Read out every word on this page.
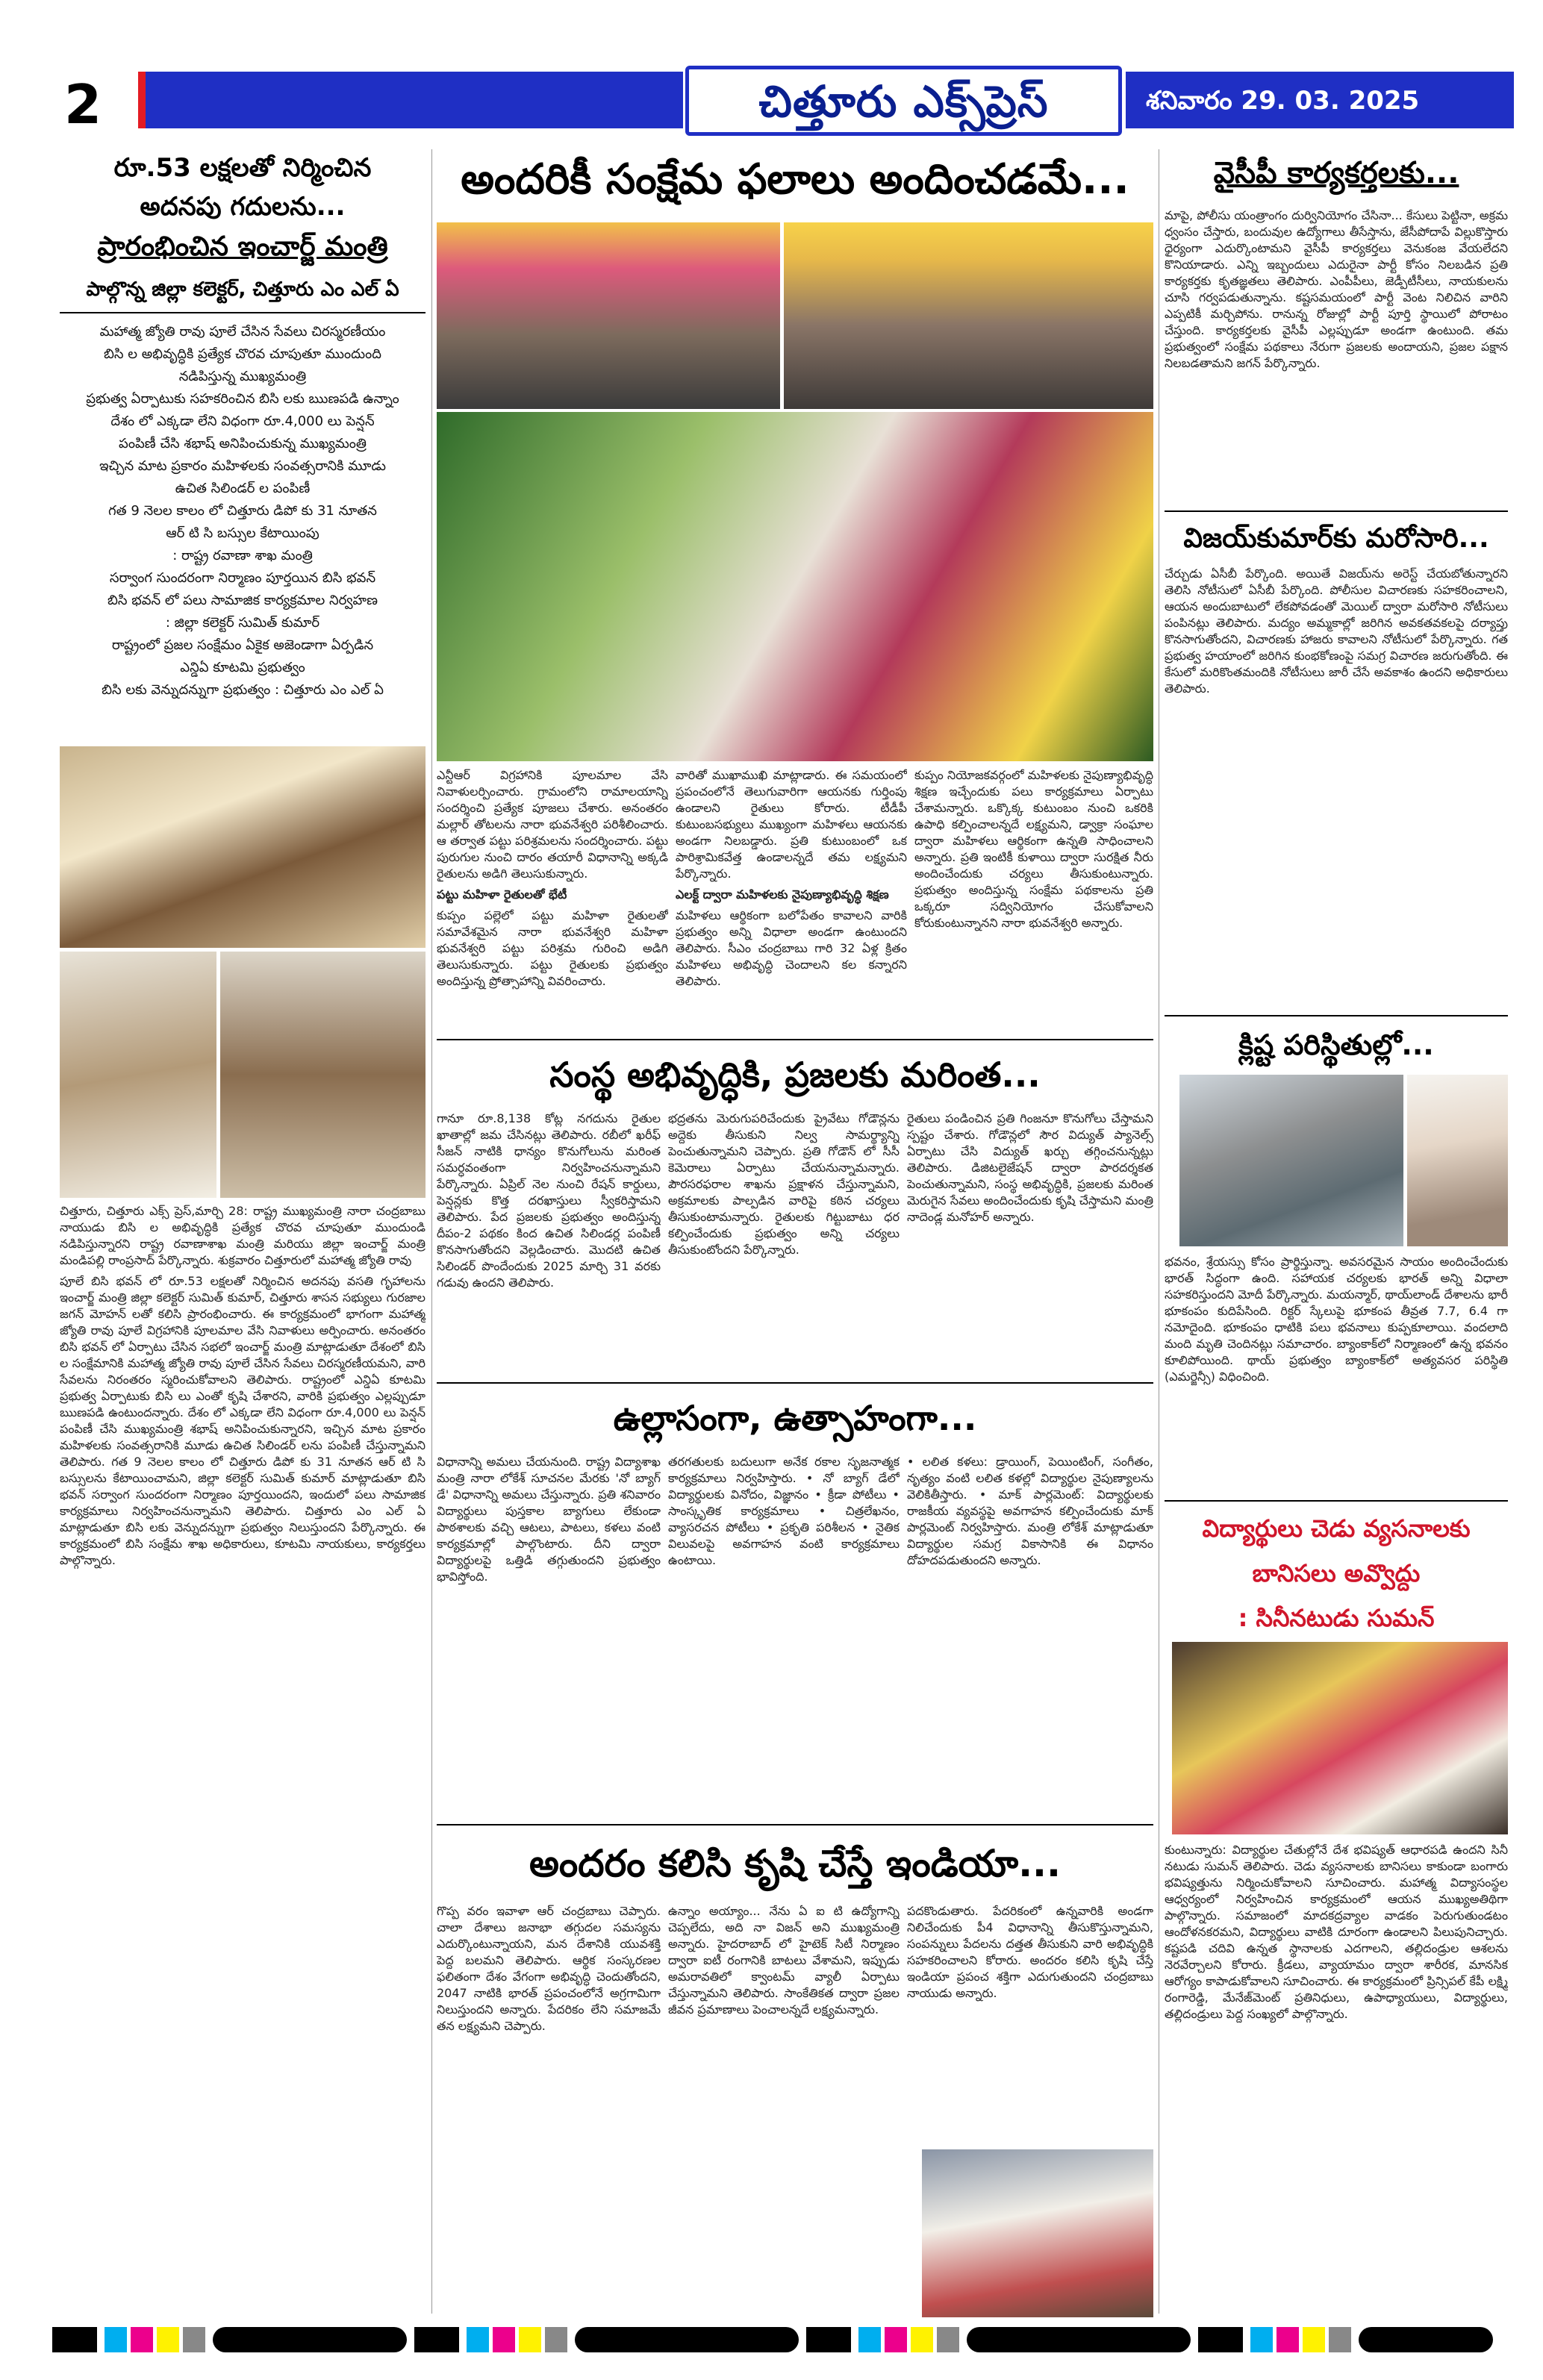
2	చిత్తూరు ఎక్స్‌ప్రెస్	శనివారం 29. 03. 2025
రూ.53 లక్షలతో నిర్మించిన
అదనపు గదులను...
ప్రారంభించిన ఇంచార్జ్ మంత్రి
పాల్గొన్న జిల్లా కలెక్టర్, చిత్తూరు ఎం ఎల్ ఏ
మహాత్మ జ్యోతి రావు పూలే చేసిన సేవలు చిరస్మరణీయం
బిసి ల అభివృద్ధికి ప్రత్యేక చొరవ చూపుతూ ముందుంది
నడిపిస్తున్న ముఖ్యమంత్రి
ప్రభుత్వ ఏర్పాటుకు సహకరించిన బిసి లకు ఋణపడి ఉన్నాం
దేశం లో ఎక్కడా లేని విధంగా రూ.4,000 లు పెన్షన్
పంపిణీ చేసి శభాష్ అనిపించుకున్న ముఖ్యమంత్రి
ఇచ్చిన మాట ప్రకారం మహిళలకు సంవత్సరానికి మూడు
ఉచిత సిలిండర్ ల పంపిణీ
గత 9 నెలల కాలం లో చిత్తూరు డిపో కు 31 నూతన
ఆర్ టి సి బస్సుల కేటాయింపు
: రాష్ట్ర రవాణా శాఖ మంత్రి
సర్వాంగ సుందరంగా నిర్మాణం పూర్తయిన బిసి భవన్
బిసి భవన్ లో పలు సామాజిక కార్యక్రమాల నిర్వహణ
: జిల్లా కలెక్టర్ సుమిత్ కుమార్
రాష్ట్రంలో ప్రజల సంక్షేమం ఏకైక అజెండాగా ఏర్పడిన
ఎన్డిఏ కూటమి ప్రభుత్వం
బిసి లకు వెన్నుదన్నుగా ప్రభుత్వం : చిత్తూరు ఎం ఎల్ ఏ

చిత్తూరు, చిత్తూరు ఎక్స్ ప్రెస్,మార్చి 28: రాష్ట్ర ముఖ్యమంత్రి నారా చంద్రబాబు నాయుడు బిసి ల అభివృద్ధికి ప్రత్యేక చొరవ చూపుతూ ముందుండి నడిపిస్తున్నారని రాష్ట్ర రవాణాశాఖ మంత్రి మరియు జిల్లా ఇంచార్జ్ మంత్రి మండిపల్లి రాంప్రసాద్ పేర్కొన్నారు. శుక్రవారం చిత్తూరులో మహాత్మ జ్యోతి రావు

పూలే బిసి భవన్ లో రూ.53 లక్షలతో నిర్మించిన అదనపు వసతి గృహాలను ఇంచార్జ్ మంత్రి జిల్లా కలెక్టర్ సుమిత్ కుమార్, చిత్తూరు శాసన సభ్యులు గురజాల జగన్ మోహన్ లతో కలిసి ప్రారంభించారు. ఈ కార్యక్రమంలో భాగంగా మహాత్మ జ్యోతి రావు పూలే విగ్రహానికి పూలమాల వేసి నివాళులు అర్పించారు. అనంతరం బిసి భవన్ లో ఏర్పాటు చేసిన సభలో ఇంచార్జ్ మంత్రి మాట్లాడుతూ దేశంలో బిసి ల సంక్షేమానికి మహాత్మ జ్యోతి రావు పూలే చేసిన సేవలు చిరస్మరణీయమని, వారి సేవలను నిరంతరం స్మరించుకోవాలని తెలిపారు. రాష్ట్రంలో ఎన్డిఏ కూటమి ప్రభుత్వ ఏర్పాటుకు బిసి లు ఎంతో కృషి చేశారని, వారికి ప్రభుత్వం ఎల్లప్పుడూ ఋణపడి ఉంటుందన్నారు. దేశం లో ఎక్కడా లేని విధంగా రూ.4,000 లు పెన్షన్ పంపిణీ చేసి ముఖ్యమంత్రి శభాష్ అనిపించుకున్నారని, ఇచ్చిన మాట ప్రకారం మహిళలకు సంవత్సరానికి మూడు ఉచిత సిలిండర్ లను పంపిణీ చేస్తున్నామని తెలిపారు. గత 9 నెలల కాలం లో చిత్తూరు డిపో కు 31 నూతన ఆర్ టి సి బస్సులను కేటాయించామని, జిల్లా కలెక్టర్ సుమిత్ కుమార్ మాట్లాడుతూ బిసి భవన్ సర్వాంగ సుందరంగా నిర్మాణం పూర్తయిందని, ఇందులో పలు సామాజిక కార్యక్రమాలు నిర్వహించనున్నామని తెలిపారు. చిత్తూరు ఎం ఎల్ ఏ మాట్లాడుతూ బిసి లకు వెన్నుదన్నుగా ప్రభుత్వం నిలుస్తుందని పేర్కొన్నారు. ఈ కార్యక్రమంలో బిసి సంక్షేమ శాఖ అధికారులు, కూటమి నాయకులు, కార్యకర్తలు పాల్గొన్నారు.

అందరికీ సంక్షేమ ఫలాలు అందించడమే...

ఎన్టీఆర్ విగ్రహానికి పూలమాల వేసి నివాళులర్పించారు. గ్రామంలోని రామాలయాన్ని సందర్శించి ప్రత్యేక పూజలు చేశారు. అనంతరం మల్లార్ తోటలను నారా భువనేశ్వరి పరిశీలించారు. ఆ తర్వాత పట్టు పరిశ్రమలను సందర్శించారు. పట్టు పురుగుల నుంచి దారం తయారీ విధానాన్ని అక్కడి రైతులను అడిగి తెలుసుకున్నారు.

పట్టు మహిళా రైతులతో భేటీ

కుప్పం పల్లెలో పట్టు మహిళా రైతులతో సమావేశమైన నారా భువనేశ్వరి మహిళా భువనేశ్వరి పట్టు పరిశ్రమ గురించి అడిగి తెలుసుకున్నారు. పట్టు రైతులకు ప్రభుత్వం అందిస్తున్న ప్రోత్సాహాన్ని వివరించారు.

వారితో ముఖాముఖి మాట్లాడారు. ఈ సమయంలో ప్రపంచంలోనే తెలుగువారిగా ఆయనకు గుర్తింపు ఉండాలని రైతులు కోరారు. టీడీపీ కుటుంబసభ్యులు ముఖ్యంగా మహిళలు ఆయనకు అండగా నిలబడ్డారు. ప్రతి కుటుంబంలో ఒక పారిశ్రామికవేత్త ఉండాలన్నదే తమ లక్ష్యమని పేర్కొన్నారు.

ఎలక్ట్ ద్వారా మహిళలకు నైపుణ్యాభివృద్ధి శిక్షణ

మహిళలు ఆర్థికంగా బలోపేతం కావాలని వారికి ప్రభుత్వం అన్ని విధాలా అండగా ఉంటుందని తెలిపారు. సీఎం చంద్రబాబు గారి 32 ఏళ్ల క్రితం మహిళలు అభివృద్ధి చెందాలని కల కన్నారని తెలిపారు.

కుప్పం నియోజకవర్గంలో మహిళలకు నైపుణ్యాభివృద్ధి శిక్షణ ఇచ్చేందుకు పలు కార్యక్రమాలు ఏర్పాటు చేశామన్నారు. ఒక్కొక్క కుటుంబం నుంచి ఒకరికి ఉపాధి కల్పించాలన్నదే లక్ష్యమని, డ్వాక్రా సంఘాల ద్వారా మహిళలు ఆర్థికంగా ఉన్నతి సాధించాలని అన్నారు. ప్రతి ఇంటికీ కుళాయి ద్వారా సురక్షిత నీరు అందించేందుకు చర్యలు తీసుకుంటున్నారు. ప్రభుత్వం అందిస్తున్న సంక్షేమ పథకాలను ప్రతి ఒక్కరూ సద్వినియోగం చేసుకోవాలని కోరుకుంటున్నానని నారా భువనేశ్వరి అన్నారు.

సంస్థ అభివృద్ధికి, ప్రజలకు మరింత...

గానూ రూ.8,138 కోట్ల నగదును రైతుల ఖాతాల్లో జమ చేసినట్లు తెలిపారు. రబీలో ఖరీఫ్ సీజన్ నాటికి ధాన్యం కొనుగోలును మరింత సమర్ధవంతంగా నిర్వహించనున్నామని పేర్కొన్నారు. ఏప్రిల్ నెల నుంచి రేషన్ కార్డులు, పెన్షన్లకు కొత్త దరఖాస్తులు స్వీకరిస్తామని తెలిపారు. పేద ప్రజలకు ప్రభుత్వం అందిస్తున్న దీపం-2 పథకం కింద ఉచిత సిలిండర్ల పంపిణీ కొనసాగుతోందని వెల్లడించారు. మొదటి ఉచిత సిలిండర్ పొందేందుకు 2025 మార్చి 31 వరకు గడువు ఉందని తెలిపారు.

భద్రతను మెరుగుపరిచేందుకు ప్రైవేటు గోడౌన్లను అద్దెకు తీసుకుని నిల్వ సామర్థ్యాన్ని పెంచుతున్నామని చెప్పారు. ప్రతి గోడౌన్ లో సీసీ కెమెరాలు ఏర్పాటు చేయనున్నామన్నారు. పౌరసరఫరాల శాఖను ప్రక్షాళన చేస్తున్నామని, అక్రమాలకు పాల్పడిన వారిపై కఠిన చర్యలు తీసుకుంటామన్నారు. రైతులకు గిట్టుబాటు ధర కల్పించేందుకు ప్రభుత్వం అన్ని చర్యలు తీసుకుంటోందని పేర్కొన్నారు.

రైతులు పండించిన ప్రతి గింజనూ కొనుగోలు చేస్తామని స్పష్టం చేశారు. గోడౌన్లలో సౌర విద్యుత్ ప్యానెల్స్ ఏర్పాటు చేసి విద్యుత్ ఖర్చు తగ్గించనున్నట్లు తెలిపారు. డిజిటలైజేషన్ ద్వారా పారదర్శకత పెంచుతున్నామని, సంస్థ అభివృద్ధికి, ప్రజలకు మరింత మెరుగైన సేవలు అందించేందుకు కృషి చేస్తామని మంత్రి నాదెండ్ల మనోహర్ అన్నారు.

ఉల్లాసంగా, ఉత్సాహంగా...

విధానాన్ని అమలు చేయనుంది. రాష్ట్ర విద్యాశాఖ మంత్రి నారా లోకేశ్ సూచనల మేరకు 'నో బ్యాగ్ డే' విధానాన్ని అమలు చేస్తున్నారు. ప్రతి శనివారం విద్యార్థులు పుస్తకాల బ్యాగులు లేకుండా పాఠశాలకు వచ్చి ఆటలు, పాటలు, కళలు వంటి కార్యక్రమాల్లో పాల్గొంటారు. దీని ద్వారా విద్యార్థులపై ఒత్తిడి తగ్గుతుందని ప్రభుత్వం భావిస్తోంది.

తరగతులకు బదులుగా అనేక రకాల సృజనాత్మక కార్యక్రమాలు నిర్వహిస్తారు. • నో బ్యాగ్ డేలో విద్యార్థులకు వినోదం, విజ్ఞానం • క్రీడా పోటీలు • సాంస్కృతిక కార్యక్రమాలు • చిత్రలేఖనం, వ్యాసరచన పోటీలు • ప్రకృతి పరిశీలన • నైతిక విలువలపై అవగాహన వంటి కార్యక్రమాలు ఉంటాయి.

• లలిత కళలు: డ్రాయింగ్, పెయింటింగ్, సంగీతం, నృత్యం వంటి లలిత కళల్లో విద్యార్థుల నైపుణ్యాలను వెలికితీస్తారు. • మాక్ పార్లమెంట్: విద్యార్థులకు రాజకీయ వ్యవస్థపై అవగాహన కల్పించేందుకు మాక్ పార్లమెంట్ నిర్వహిస్తారు. మంత్రి లోకేశ్ మాట్లాడుతూ విద్యార్థుల సమగ్ర వికాసానికి ఈ విధానం దోహదపడుతుందని అన్నారు.

అందరం కలిసి కృషి చేస్తే ఇండియా...

గొప్ప వరం ఇవాళా ఆర్ చంద్రబాబు చెప్పారు. చాలా దేశాలు జనాభా తగ్గుదల సమస్యను ఎదుర్కొంటున్నాయని, మన దేశానికి యువశక్తి పెద్ద బలమని తెలిపారు. ఆర్థిక సంస్కరణల ఫలితంగా దేశం వేగంగా అభివృద్ధి చెందుతోందని, 2047 నాటికి భారత్ ప్రపంచంలోనే అగ్రగామిగా నిలుస్తుందని అన్నారు. పేదరికం లేని సమాజమే తన లక్ష్యమని చెప్పారు.

ఉన్నాం అయ్యాం... నేను ఏ ఐ టి ఉద్యోగాన్ని చెప్పలేదు, అది నా విజన్ అని ముఖ్యమంత్రి అన్నారు. హైదరాబాద్ లో హైటెక్ సిటీ నిర్మాణం ద్వారా ఐటీ రంగానికి బాటలు వేశామని, ఇప్పుడు అమరావతిలో క్వాంటమ్ వ్యాలీ ఏర్పాటు చేస్తున్నామని తెలిపారు. సాంకేతికత ద్వారా ప్రజల జీవన ప్రమాణాలు పెంచాలన్నదే లక్ష్యమన్నారు.

పదకొండుతారు. పేదరికంలో ఉన్నవారికి అండగా నిలిచేందుకు పీ4 విధానాన్ని తీసుకొస్తున్నామని, సంపన్నులు పేదలను దత్తత తీసుకుని వారి అభివృద్ధికి సహకరించాలని కోరారు. అందరం కలిసి కృషి చేస్తే ఇండియా ప్రపంచ శక్తిగా ఎదుగుతుందని చంద్రబాబు నాయుడు అన్నారు.

వైసీపీ కార్యకర్తలకు...

మాపై, పోలీసు యంత్రాంగం దుర్వినియోగం చేసినా... కేసులు పెట్టినా, అక్రమ ధ్వంసం చేస్తారు, బందువుల ఉద్యోగాలు తీసేస్తాను, జేసీపోదాపే విల్లుకొస్తారు ధైర్యంగా ఎదుర్కొంటామని వైసీపీ కార్యకర్తలు వెనుకంజ వేయలేదని కొనియాడారు. ఎన్ని ఇబ్బందులు ఎదురైనా పార్టీ కోసం నిలబడిన ప్రతి కార్యకర్తకు కృతజ్ఞతలు తెలిపారు. ఎంపీపీలు, జెడ్పీటీసీలు, నాయకులను చూసి గర్వపడుతున్నాను. కష్టసమయంలో పార్టీ వెంట నిలిచిన వారిని ఎప్పటికీ మర్చిపోను. రానున్న రోజుల్లో పార్టీ పూర్తి స్థాయిలో పోరాటం చేస్తుంది. కార్యకర్తలకు వైసీపీ ఎల్లప్పుడూ అండగా ఉంటుంది. తమ ప్రభుత్వంలో సంక్షేమ పథకాలు నేరుగా ప్రజలకు అందాయని, ప్రజల పక్షాన నిలబడతామని జగన్ పేర్కొన్నారు.

విజయ్‌కుమార్‌కు మరోసారి...

చేర్చుడు ఏసీబీ పేర్కొంది. అయితే విజయ్‌ను అరెస్ట్ చేయబోతున్నారని తెలిసి నోటీసులో ఏసీబీ పేర్కొంది. పోలీసుల విచారణకు సహకరించాలని, ఆయన అందుబాటులో లేకపోవడంతో మెయిల్ ద్వారా మరోసారి నోటీసులు పంపినట్లు తెలిపారు. మద్యం అమ్మకాల్లో జరిగిన అవకతవకలపై దర్యాప్తు కొనసాగుతోందని, విచారణకు హాజరు కావాలని నోటీసులో పేర్కొన్నారు. గత ప్రభుత్వ హయాంలో జరిగిన కుంభకోణంపై సమగ్ర విచారణ జరుగుతోంది. ఈ కేసులో మరికొంతమందికి నోటీసులు జారీ చేసే అవకాశం ఉందని అధికారులు తెలిపారు.

క్లిష్ట పరిస్థితుల్లో...

భవనం, శ్రేయస్సు కోసం ప్రార్థిస్తున్నా. అవసరమైన సాయం అందించేందుకు భారత్ సిద్ధంగా ఉంది. సహాయక చర్యలకు భారత్ అన్ని విధాలా సహకరిస్తుందని మోదీ పేర్కొన్నారు. మయన్మార్, థాయ్‌లాండ్ దేశాలను భారీ భూకంపం కుదిపేసింది. రిక్టర్ స్కేలుపై భూకంప తీవ్రత 7.7, 6.4 గా నమోదైంది. భూకంపం ధాటికి పలు భవనాలు కుప్పకూలాయి. వందలాది మంది మృతి చెందినట్లు సమాచారం. బ్యాంకాక్‌లో నిర్మాణంలో ఉన్న భవనం కూలిపోయింది. థాయ్ ప్రభుత్వం బ్యాంకాక్‌లో అత్యవసర పరిస్థితి (ఎమర్జెన్సీ) విధించింది.

విద్యార్థులు చెడు వ్యసనాలకు
బానిసలు అవ్వొద్దు
: సినీనటుడు సుమన్

కుంటున్నారు: విద్యార్థుల చేతుల్లోనే దేశ భవిష్యత్ ఆధారపడి ఉందని సినీ నటుడు సుమన్ తెలిపారు. చెడు వ్యసనాలకు బానిసలు కాకుండా బంగారు భవిష్యత్తును నిర్మించుకోవాలని సూచించారు. మహాత్మ విద్యాసంస్థల ఆధ్వర్యంలో నిర్వహించిన కార్యక్రమంలో ఆయన ముఖ్యఅతిథిగా పాల్గొన్నారు. సమాజంలో మాదకద్రవ్యాల వాడకం పెరుగుతుండటం ఆందోళనకరమని, విద్యార్థులు వాటికి దూరంగా ఉండాలని పిలుపునిచ్చారు. కష్టపడి చదివి ఉన్నత స్థానాలకు ఎదగాలని, తల్లిదండ్రుల ఆశలను నెరవేర్చాలని కోరారు. క్రీడలు, వ్యాయామం ద్వారా శారీరక, మానసిక ఆరోగ్యం కాపాడుకోవాలని సూచించారు. ఈ కార్యక్రమంలో ప్రిన్సిపల్ కేపీ లక్ష్మి రంగారెడ్డి, మేనేజ్‌మెంట్ ప్రతినిధులు, ఉపాధ్యాయులు, విద్యార్థులు, తల్లిదండ్రులు పెద్ద సంఖ్యలో పాల్గొన్నారు.
